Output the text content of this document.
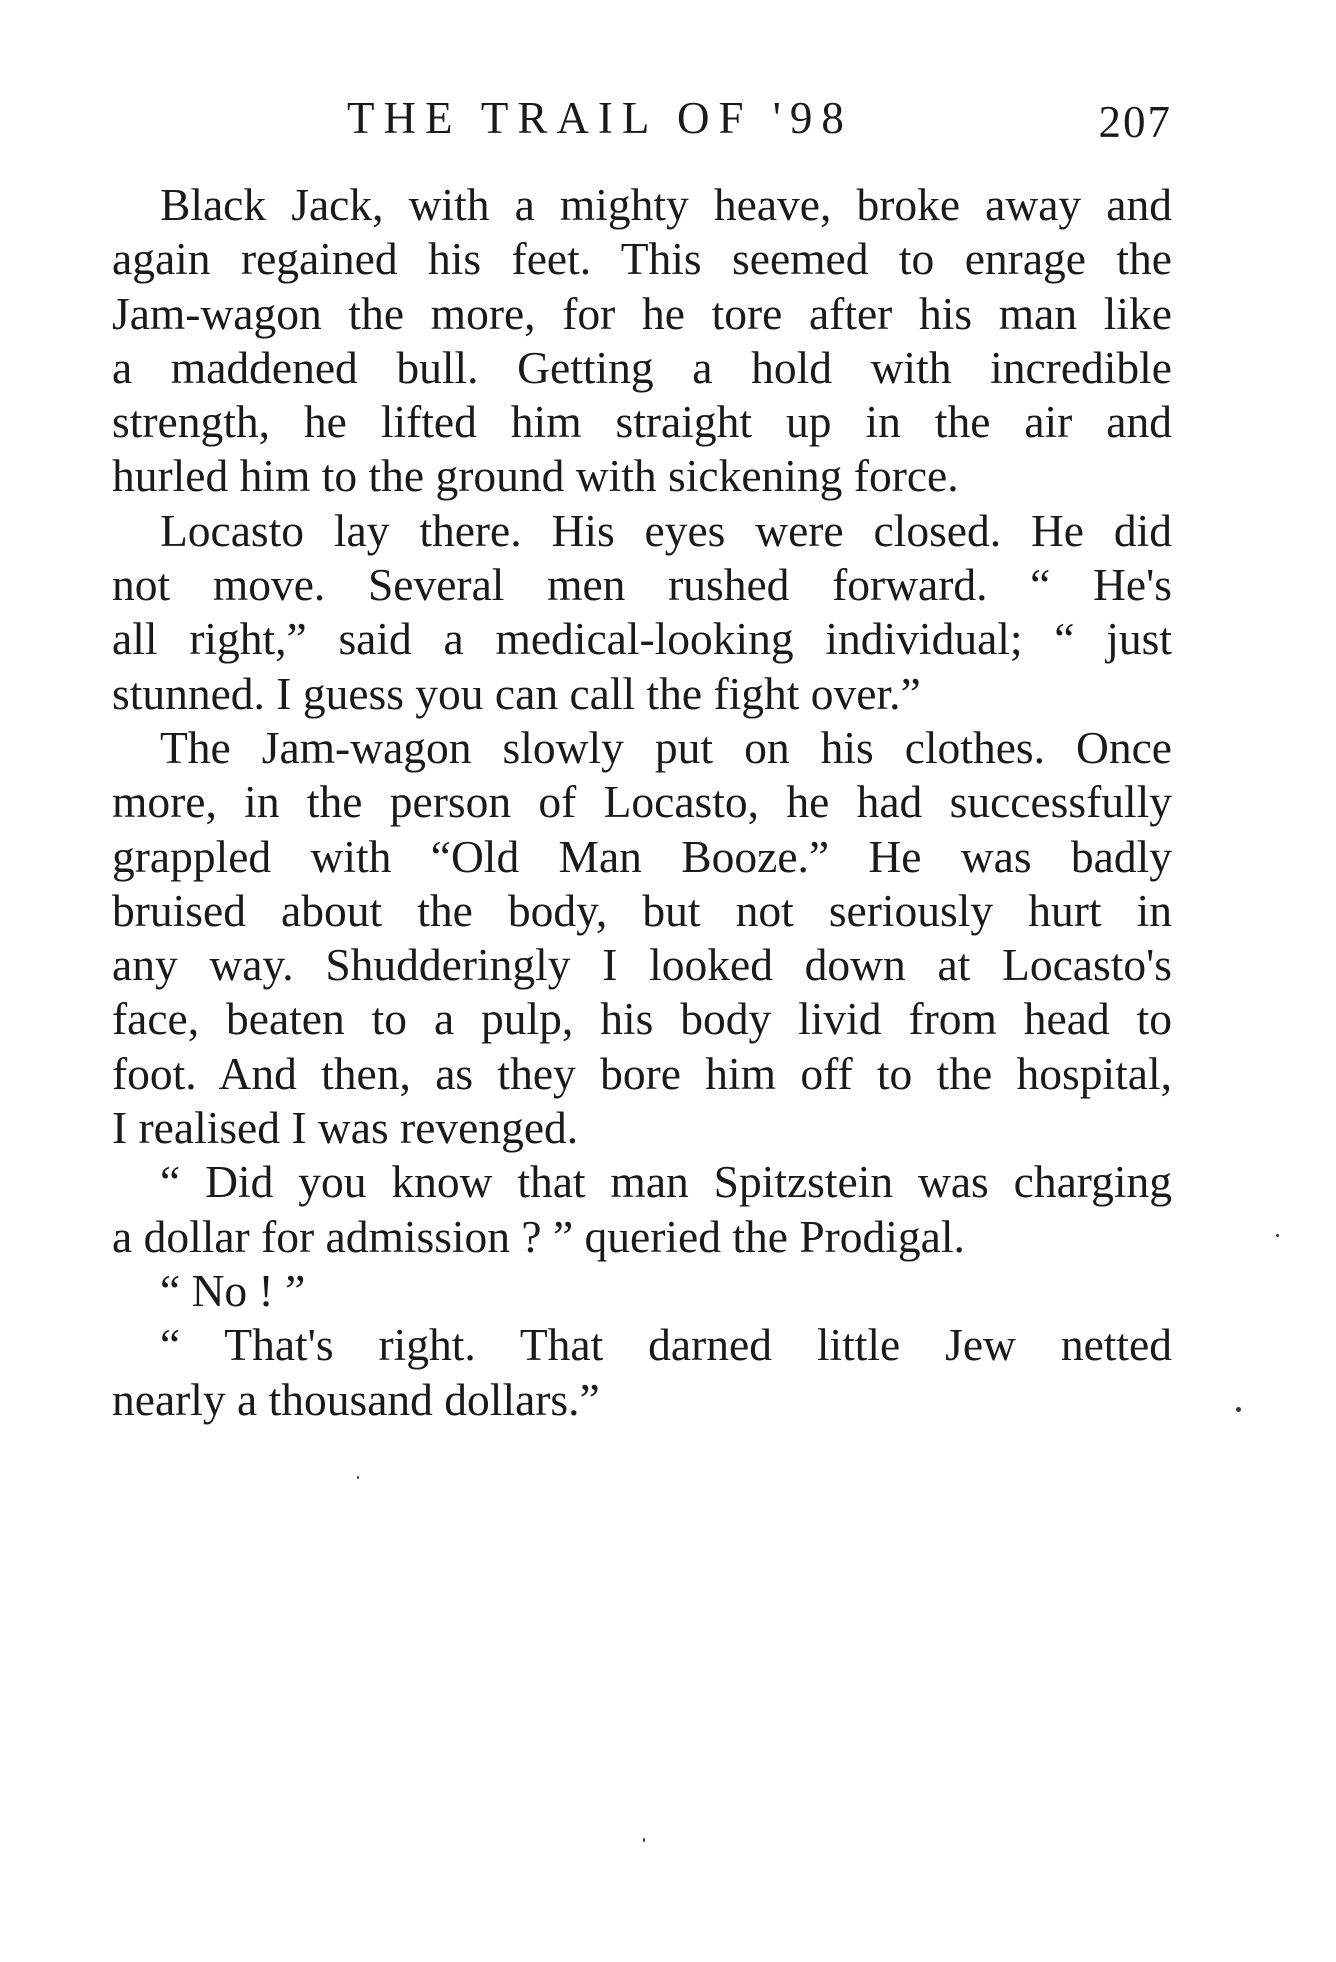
THE TRAIL OF '98	207
Black Jack, with a mighty heave, broke away and
again regained his feet. This seemed to enrage the
Jam-wagon the more, for he tore after his man like
a maddened bull. Getting a hold with incredible
strength, he lifted him straight up in the air and
hurled him to the ground with sickening force.
Locasto lay there. His eyes were closed. He did
not move. Several men rushed forward. “ He's
all right,” said a medical-looking individual; “ just
stunned. I guess you can call the fight over.”
The Jam-wagon slowly put on his clothes. Once
more, in the person of Locasto, he had successfully
grappled with “Old Man Booze.” He was badly
bruised about the body, but not seriously hurt in
any way. Shudderingly I looked down at Locasto's
face, beaten to a pulp, his body livid from head to
foot. And then, as they bore him off to the hospital,
I realised I was revenged.
“ Did you know that man Spitzstein was charging
a dollar for admission ? ” queried the Prodigal.
“ No ! ”
“ That's right. That darned little Jew netted
nearly a thousand dollars.”
